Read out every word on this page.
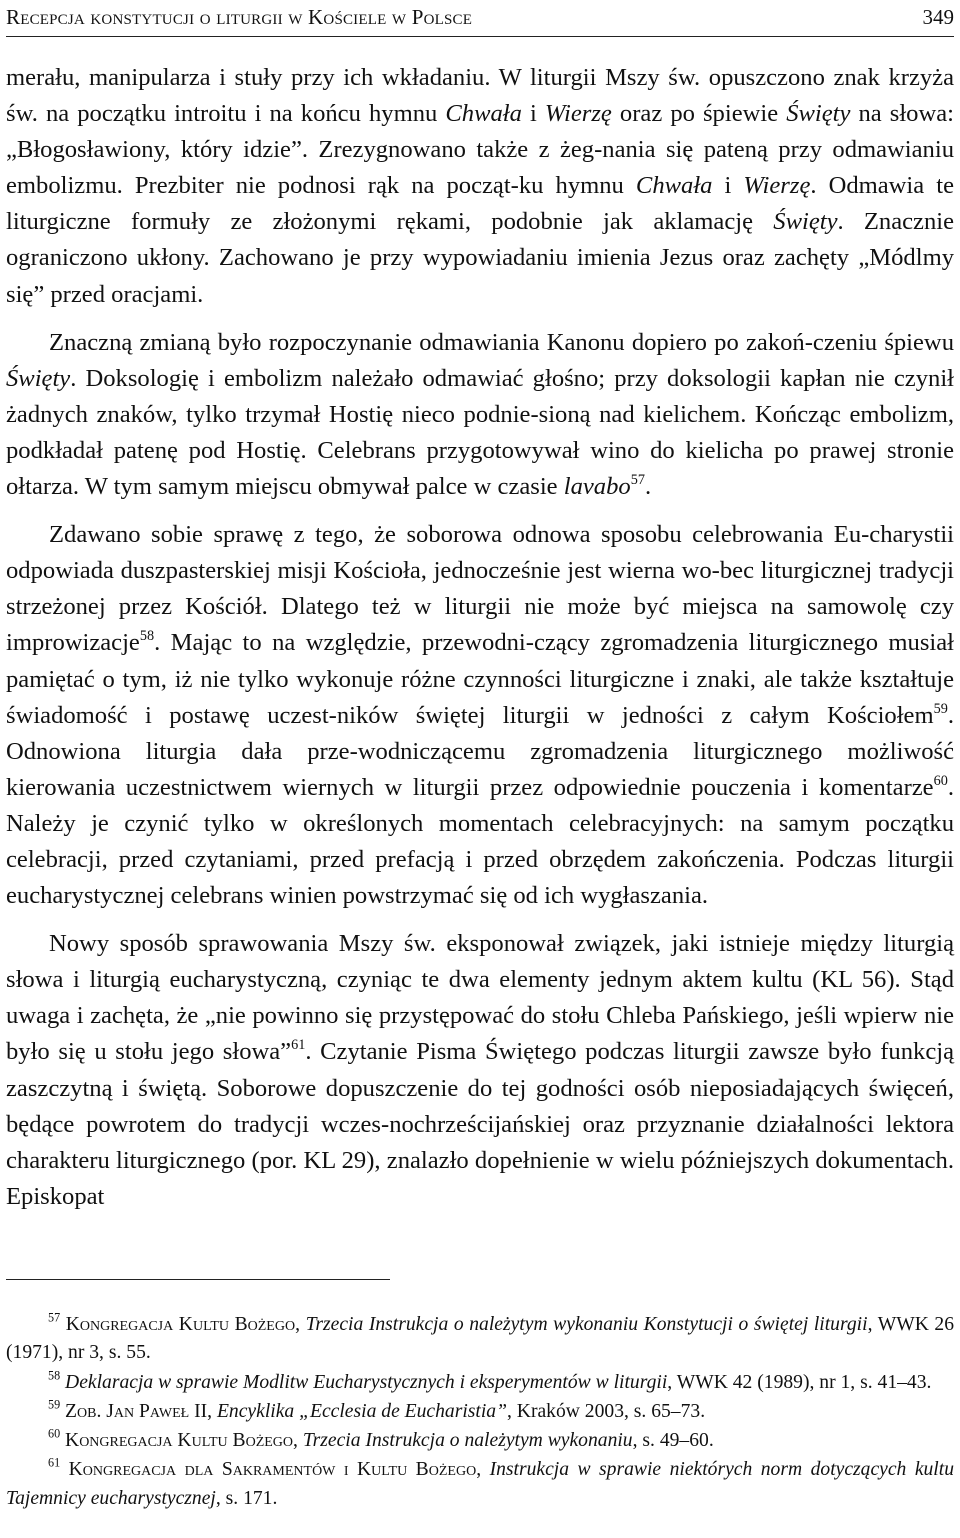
Recepcja konstytucji o liturgii w Kościele w Polsce	349

merału, manipularza i stuły przy ich wkładaniu. W liturgii Mszy św. opuszczono znak krzyża św. na początku introitu i na końcu hymnu Chwała i Wierzę oraz po śpiewie Święty na słowa: „Błogosławiony, który idzie”. Zrezygnowano także z żeg-nania się pateną przy odmawianiu embolizmu. Prezbiter nie podnosi rąk na począt-ku hymnu Chwała i Wierzę. Odmawia te liturgiczne formuły ze złożonymi rękami, podobnie jak aklamację Święty. Znacznie ograniczono ukłony. Zachowano je przy wypowiadaniu imienia Jezus oraz zachęty „Módlmy się” przed oracjami.

Znaczną zmianą było rozpoczynanie odmawiania Kanonu dopiero po zakoń-czeniu śpiewu Święty. Doksologię i embolizm należało odmawiać głośno; przy doksologii kapłan nie czynił żadnych znaków, tylko trzymał Hostię nieco podnie-sioną nad kielichem. Kończąc embolizm, podkładał patenę pod Hostię. Celebrans przygotowywał wino do kielicha po prawej stronie ołtarza. W tym samym miejscu obmywał palce w czasie lavabo$^{57}$.

Zdawano sobie sprawę z tego, że soborowa odnowa sposobu celebrowania Eu-charystii odpowiada duszpasterskiej misji Kościoła, jednocześnie jest wierna wo-bec liturgicznej tradycji strzeżonej przez Kościół. Dlatego też w liturgii nie może być miejsca na samowolę czy improwizacje$^{58}$. Mając to na względzie, przewodni-czący zgromadzenia liturgicznego musiał pamiętać o tym, iż nie tylko wykonuje różne czynności liturgiczne i znaki, ale także kształtuje świadomość i postawę uczest-ników świętej liturgii w jedności z całym Kościołem$^{59}$. Odnowiona liturgia dała prze-wodniczącemu zgromadzenia liturgicznego możliwość kierowania uczestnictwem wiernych w liturgii przez odpowiednie pouczenia i komentarze$^{60}$. Należy je czynić tylko w określonych momentach celebracyjnych: na samym początku celebracji, przed czytaniami, przed prefacją i przed obrzędem zakończenia. Podczas liturgii eucharystycznej celebrans winien powstrzymać się od ich wygłaszania.

Nowy sposób sprawowania Mszy św. eksponował związek, jaki istnieje między liturgią słowa i liturgią eucharystyczną, czyniąc te dwa elementy jednym aktem kultu (KL 56). Stąd uwaga i zachęta, że „nie powinno się przystępować do stołu Chleba Pańskiego, jeśli wpierw nie było się u stołu jego słowa”$^{61}$. Czytanie Pisma Świętego podczas liturgii zawsze było funkcją zaszczytną i świętą. Soborowe dopuszczenie do tej godności osób nieposiadających święceń, będące powrotem do tradycji wczes-nochrześcijańskiej oraz przyznanie działalności lektora charakteru liturgicznego (por. KL 29), znalazło dopełnienie w wielu późniejszych dokumentach. Episkopat

$^{57}$ Kongregacja Kultu Bożego, Trzecia Instrukcja o należytym wykonaniu Konstytucji o świętej liturgii, WWK 26 (1971), nr 3, s. 55.

$^{58}$ Deklaracja w sprawie Modlitw Eucharystycznych i eksperymentów w liturgii, WWK 42 (1989), nr 1, s. 41–43.

$^{59}$ Zob. Jan Paweł II, Encyklika „Ecclesia de Eucharistia”, Kraków 2003, s. 65–73.

$^{60}$ Kongregacja Kultu Bożego, Trzecia Instrukcja o należytym wykonaniu, s. 49–60.

$^{61}$ Kongregacja dla Sakramentów i Kultu Bożego, Instrukcja w sprawie niektórych norm dotyczących kultu Tajemnicy eucharystycznej, s. 171.
